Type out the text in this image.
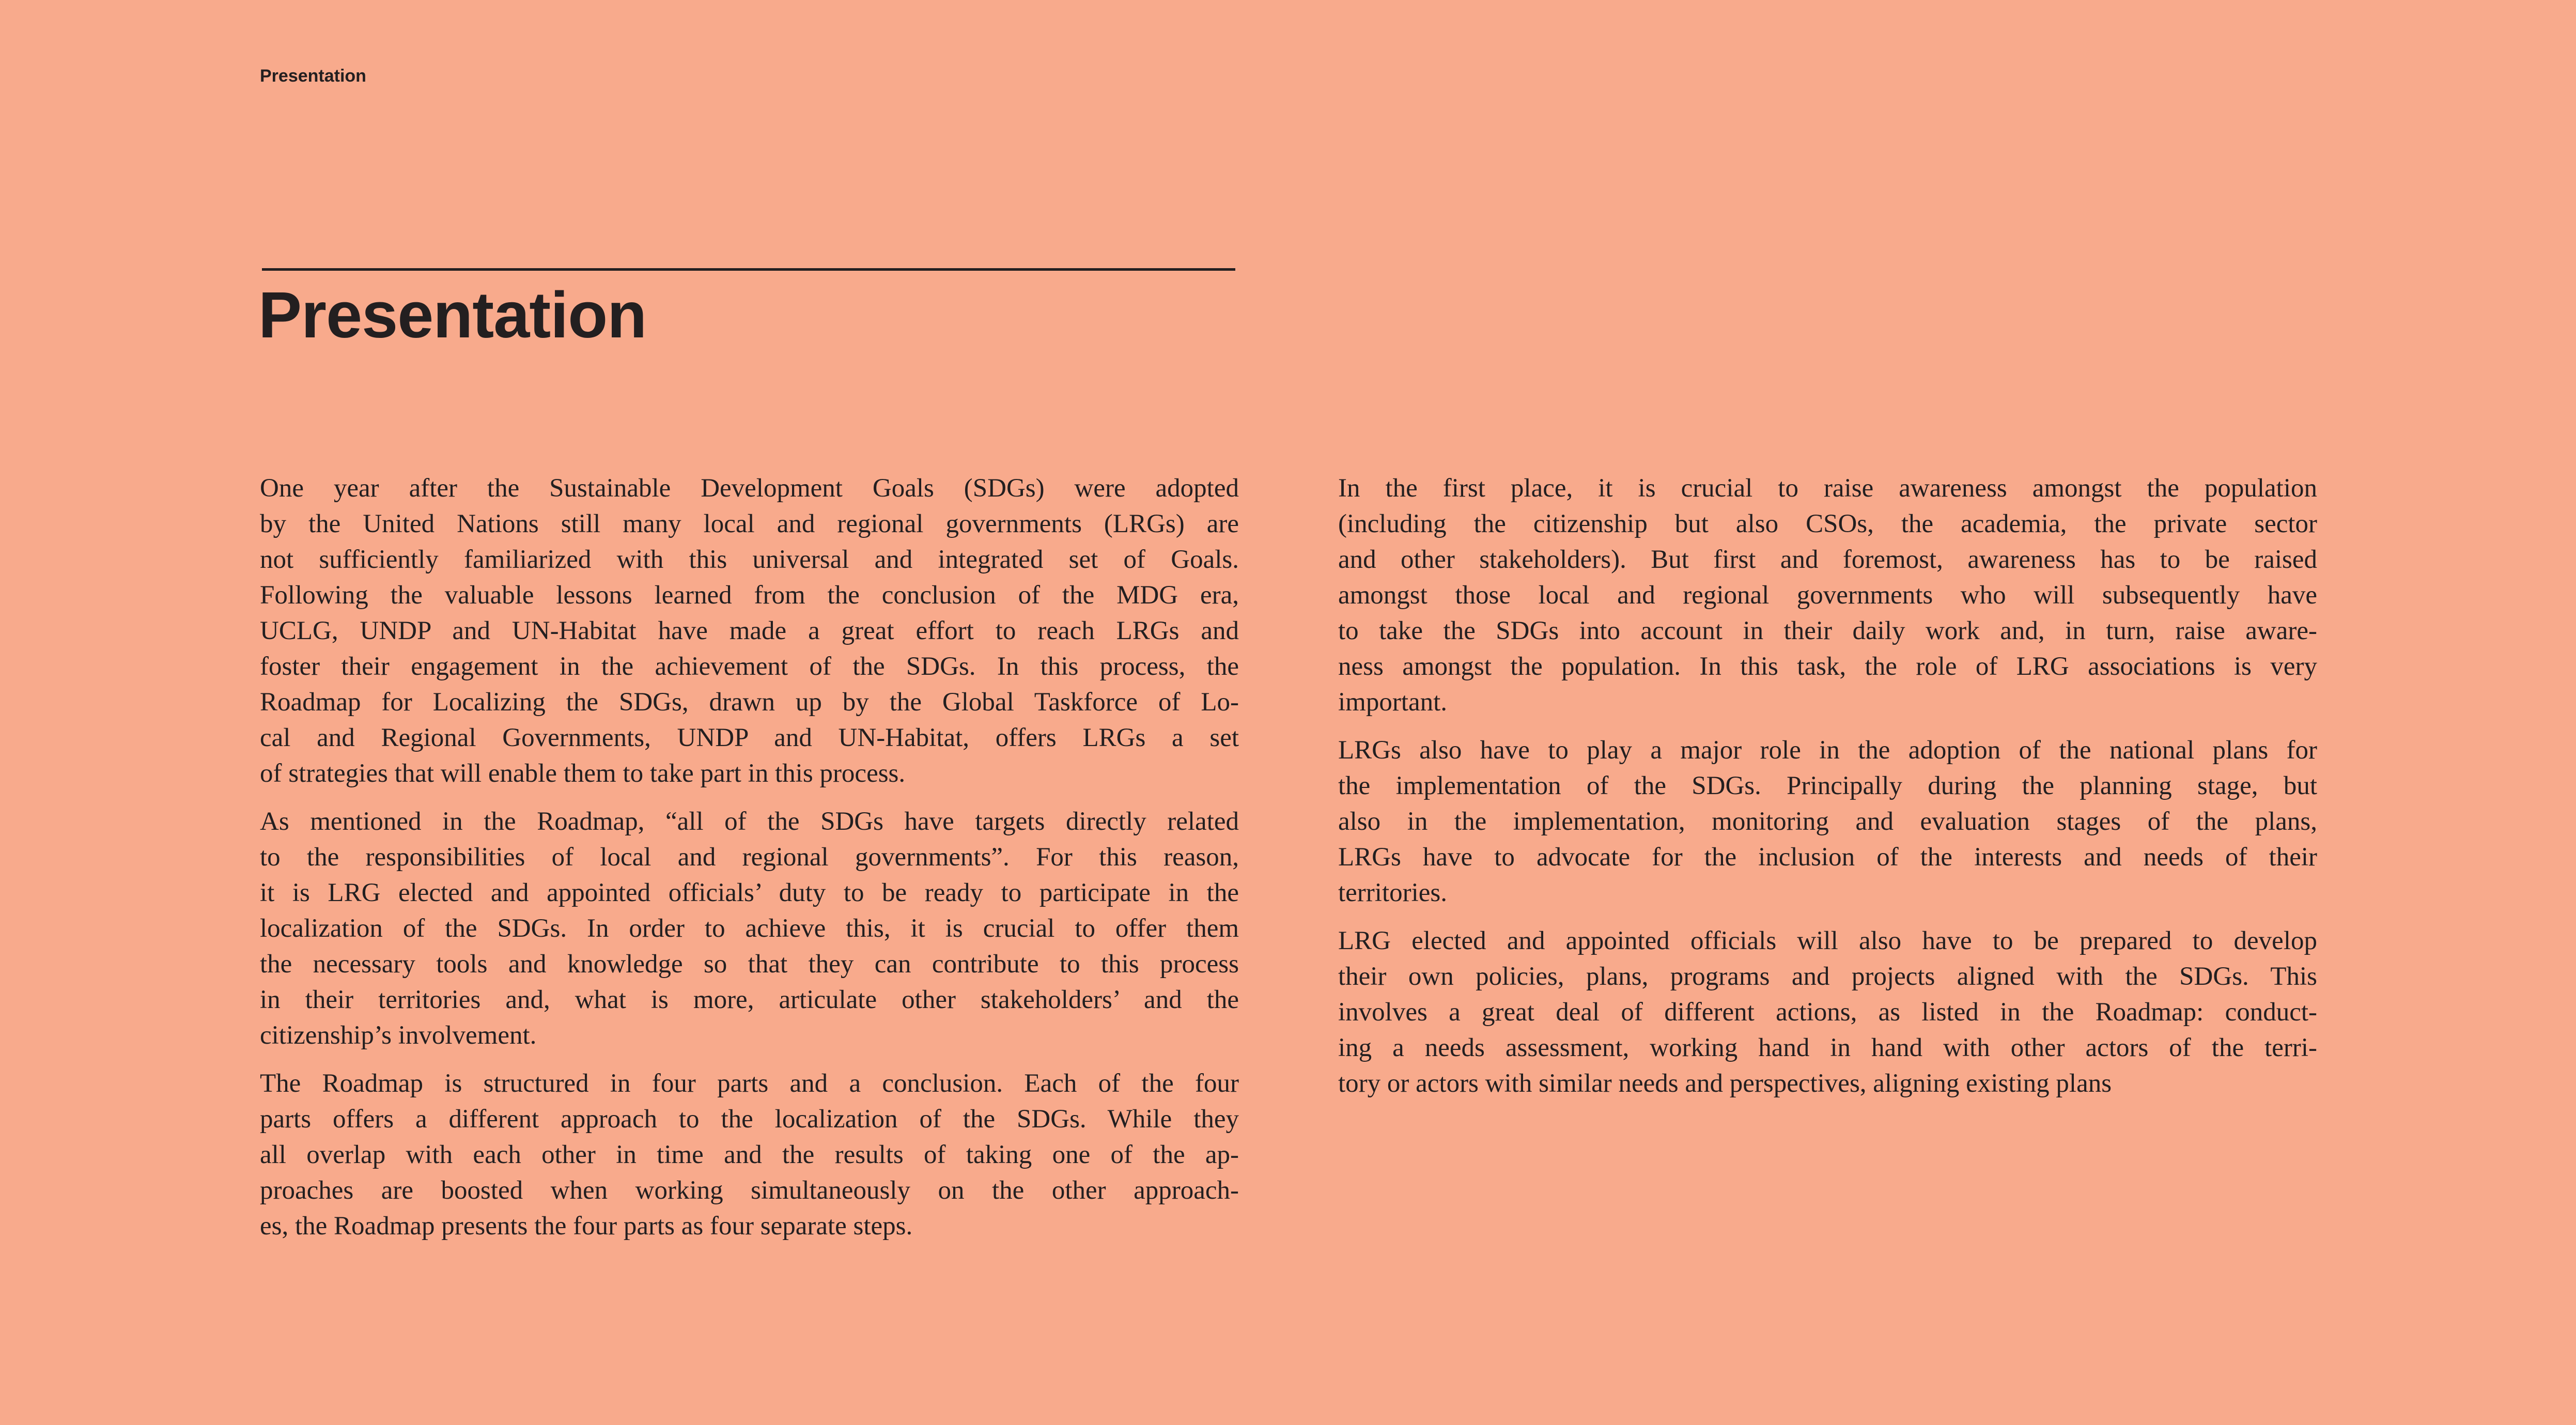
Presentation
Presentation

One year after the Sustainable Development Goals (SDGs) were adopted
by the United Nations still many local and regional governments (LRGs) are
not sufficiently familiarized with this universal and integrated set of Goals.
Following the valuable lessons learned from the conclusion of the MDG era,
UCLG, UNDP and UN-Habitat have made a great effort to reach LRGs and
foster their engagement in the achievement of the SDGs. In this process, the
Roadmap for Localizing the SDGs, drawn up by the Global Taskforce of Lo-
cal and Regional Governments, UNDP and UN-Habitat, offers LRGs a set
of strategies that will enable them to take part in this process.

As mentioned in the Roadmap, “all of the SDGs have targets directly related
to the responsibilities of local and regional governments”. For this reason,
it is LRG elected and appointed officials’ duty to be ready to participate in the
localization of the SDGs. In order to achieve this, it is crucial to offer them
the necessary tools and knowledge so that they can contribute to this process
in their territories and, what is more, articulate other stakeholders’ and the
citizenship’s involvement.

The Roadmap is structured in four parts and a conclusion. Each of the four
parts offers a different approach to the localization of the SDGs. While they
all overlap with each other in time and the results of taking one of the ap-
proaches are boosted when working simultaneously on the other approach-
es, the Roadmap presents the four parts as four separate steps.

In the first place, it is crucial to raise awareness amongst the population
(including the citizenship but also CSOs, the academia, the private sector
and other stakeholders). But first and foremost, awareness has to be raised
amongst those local and regional governments who will subsequently have
to take the SDGs into account in their daily work and, in turn, raise aware-
ness amongst the population. In this task, the role of LRG associations is very
important.

LRGs also have to play a major role in the adoption of the national plans for
the implementation of the SDGs. Principally during the planning stage, but
also in the implementation, monitoring and evaluation stages of the plans,
LRGs have to advocate for the inclusion of the interests and needs of their
territories.

LRG elected and appointed officials will also have to be prepared to develop
their own policies, plans, programs and projects aligned with the SDGs. This
involves a great deal of different actions, as listed in the Roadmap: conduct-
ing a needs assessment, working hand in hand with other actors of the terri-
tory or actors with similar needs and perspectives, aligning existing plans
